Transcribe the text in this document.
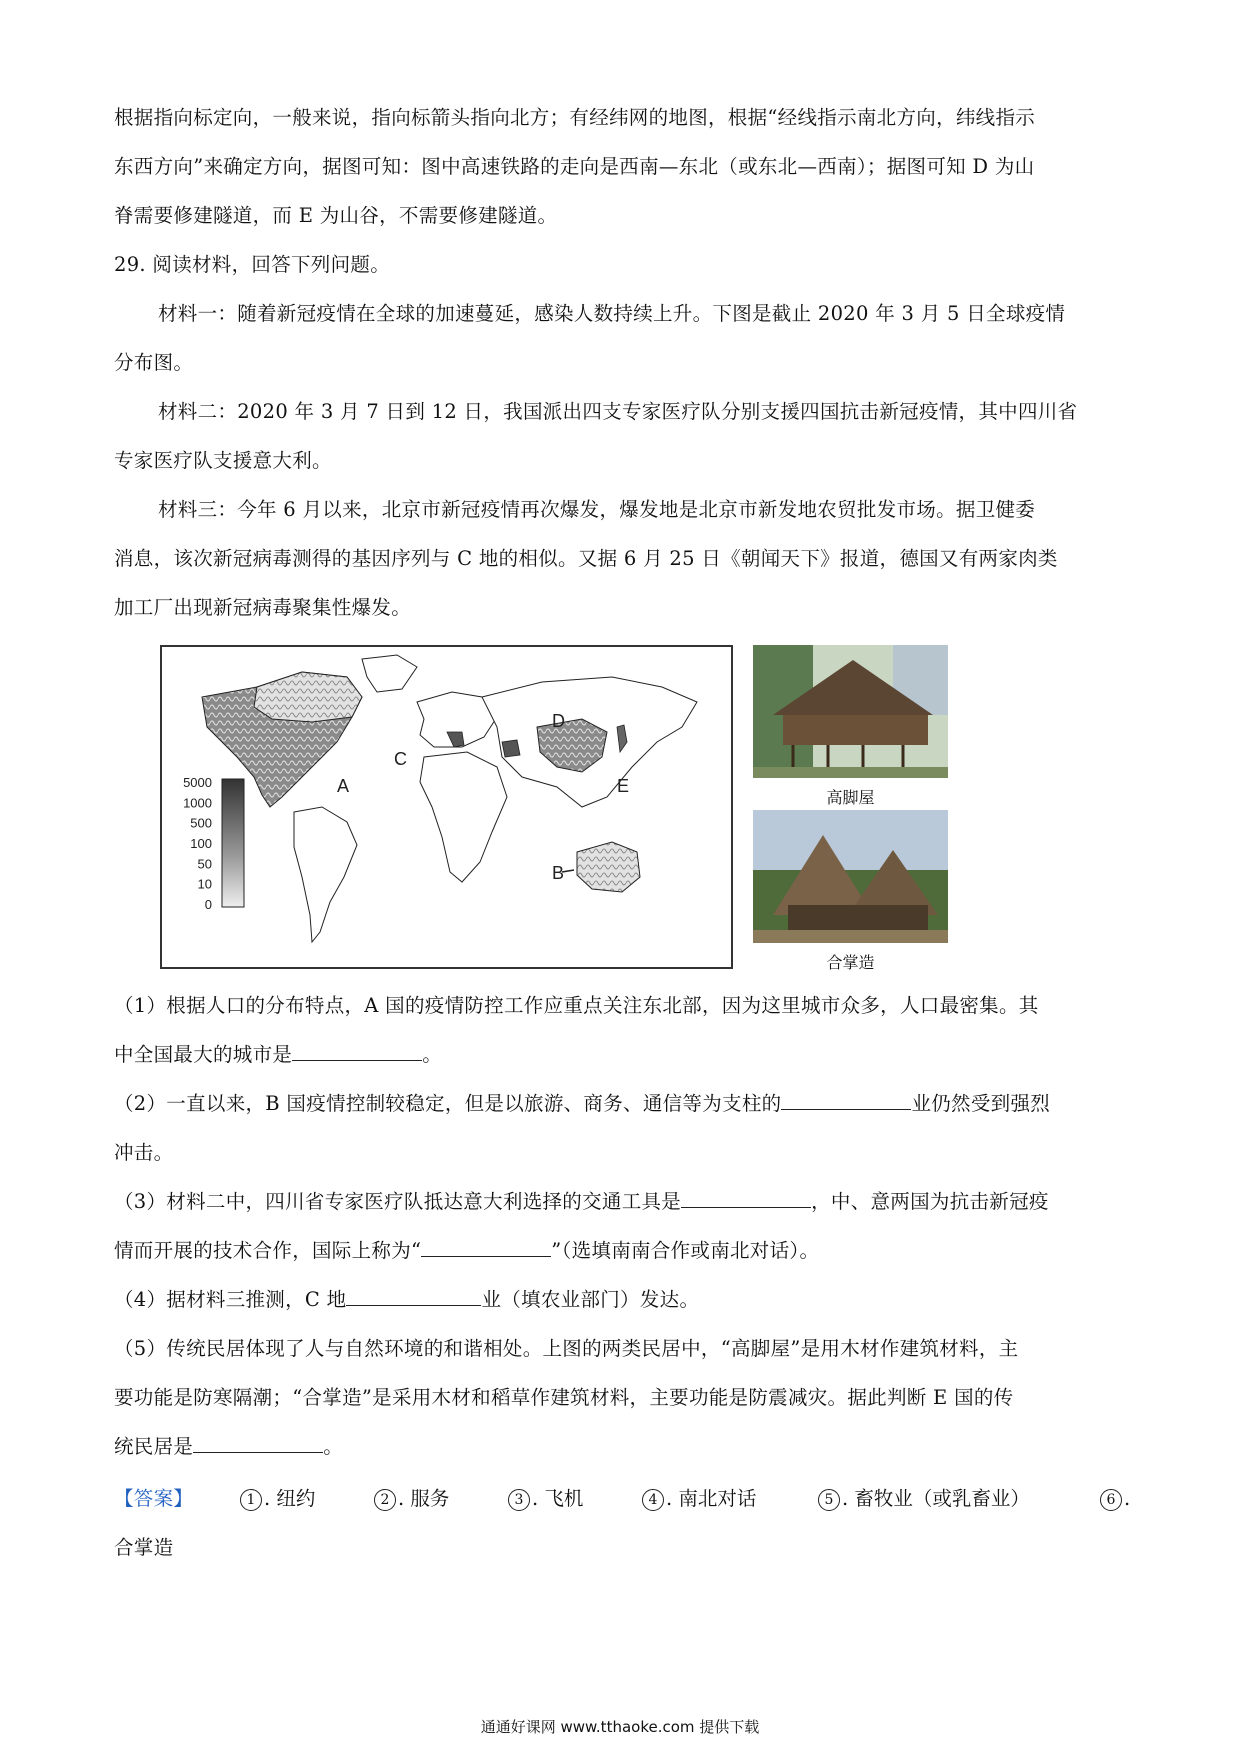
根据指向标定向，一般来说，指向标箭头指向北方；有经纬网的地图，根据“经线指示南北方向，纬线指示
东西方向”来确定方向，据图可知：图中高速铁路的走向是西南—东北（或东北—西南）；据图可知 D 为山
脊需要修建隧道，而 E 为山谷，不需要修建隧道。
29. 阅读材料，回答下列问题。
材料一：随着新冠疫情在全球的加速蔓延，感染人数持续上升。下图是截止 2020 年 3 月 5 日全球疫情
分布图。
材料二：2020 年 3 月 7 日到 12 日，我国派出四支专家医疗队分别支援四国抗击新冠疫情，其中四川省
专家医疗队支援意大利。
材料三：今年 6 月以来，北京市新冠疫情再次爆发，爆发地是北京市新发地农贸批发市场。据卫健委
消息，该次新冠病毒测得的基因序列与 C 地的相似。又据 6 月 25 日《朝闻天下》报道，德国又有两家肉类
加工厂出现新冠病毒聚集性爆发。
A
B
C
D
E
5000
1000
500
100
50
10
0
高脚屋
合掌造
（1）根据人口的分布特点，A 国的疫情防控工作应重点关注东北部，因为这里城市众多，人口最密集。其
中全国最大的城市是	。
（2）一直以来，B 国疫情控制较稳定，但是以旅游、商务、通信等为支柱的	业仍然受到强烈
冲击。
（3）材料二中，四川省专家医疗队抵达意大利选择的交通工具是	，中、意两国为抗击新冠疫
情而开展的技术合作，国际上称为“	”（选填南南合作或南北对话）。
（4）据材料三推测，C 地	业（填农业部门）发达。
（5）传统民居体现了人与自然环境的和谐相处。上图的两类民居中，“高脚屋”是用木材作建筑材料，主
要功能是防寒隔潮；“合掌造”是采用木材和稻草作建筑材料，主要功能是防震减灾。据此判断 E 国的传
统民居是	。
【答案】	1 . 纽约	2 . 服务	3 . 飞机	4 . 南北对话	5 . 畜牧业（或乳畜业）	6 .
合掌造
通通好课网 www.tthaoke.com 提供下载
